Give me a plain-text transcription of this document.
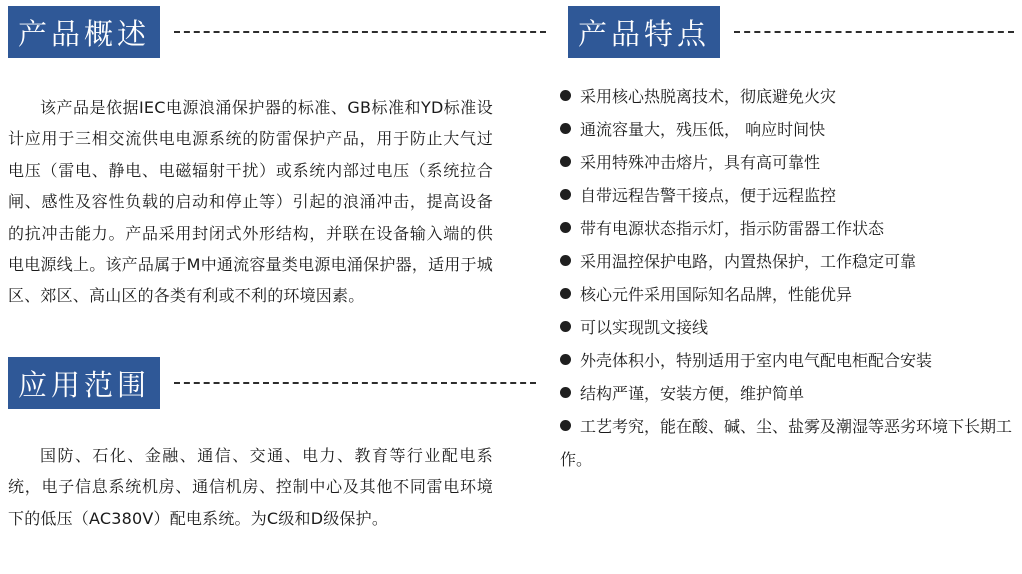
产品概述

该产品是依据IEC电源浪涌保护器的标准、GB标准和YD标准设计应用于三相交流供电电源系统的防雷保护产品，用于防止大气过电压（雷电、静电、电磁辐射干扰）或系统内部过电压（系统拉合闸、感性及容性负载的启动和停止等）引起的浪涌冲击，提高设备的抗冲击能力。产品采用封闭式外形结构，并联在设备输入端的供电电源线上。该产品属于M中通流容量类电源电涌保护器，适用于城区、郊区、高山区的各类有利或不利的环境因素。

应用范围

国防、石化、金融、通信、交通、电力、教育等行业配电系统，电子信息系统机房、通信机房、控制中心及其他不同雷电环境下的低压（AC380V）配电系统。为C级和D级保护。

产品特点
采用核心热脱离技术，彻底避免火灾
通流容量大，残压低， 响应时间快
采用特殊冲击熔片，具有高可靠性
自带远程告警干接点，便于远程监控
带有电源状态指示灯，指示防雷器工作状态
采用温控保护电路，内置热保护，工作稳定可靠
核心元件采用国际知名品牌，性能优异
可以实现凯文接线
外壳体积小，特别适用于室内电气配电柜配合安装
结构严谨，安装方便，维护简单
工艺考究，能在酸、碱、尘、盐雾及潮湿等恶劣环境下长期工作。
